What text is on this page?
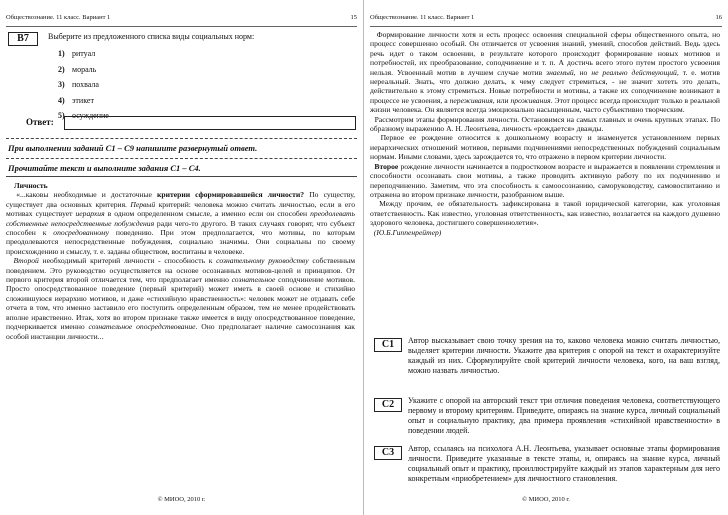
Обществознание. 11 класс. Вариант 1	15
B7	Выберите из предложенного списка виды социальных норм:
1) ритуал
2) мораль
3) похвала
4) этикет
5) осуждение
Ответ:
При выполнении заданий С1 – С9 напишите развернутый ответ.
Прочитайте текст и выполните задания С1 – С4.
Личность
«...каковы необходимые и достаточные критерии сформировавшейся личности? По существу, существует два основных критерия. Первый критерий: человека можно считать личностью, если в его мотивах существует иерархия в одном определенном смысле, а именно если он способен преодолевать собственные непосредственные побуждения ради чего-то другого. В таких случаях говорят, что субъект способен к опосредованному поведению. При этом предполагается, что мотивы, по которым преодолеваются непосредственные побуждения, социально значимы. Они социальны по своему происхождению и смыслу, т. е. заданы обществом, воспитаны в человеке.
Второй необходимый критерий личности - способность к сознательному руководству собственным поведением. Это руководство осуществляется на основе осознанных мотивов-целей и принципов. От первого критерия второй отличается тем, что предполагает именно сознательное соподчинение мотивов. Просто опосредствованное поведение (первый критерий) может иметь в своей основе и стихийно сложившуюся иерархию мотивов, и даже «стихийную нравственность»: человек может не отдавать себе отчета в том, что именно заставило его поступить определенным образом, тем не менее продействовать вполне нравственно. Итак, хотя во втором признаке также имеется в виду опосредствованное поведение, подчеркивается именно сознательное опосредствование. Оно предполагает наличие самосознания как особой инстанции личности...
© МИОО, 2010 г.
Обществознание. 11 класс. Вариант 1	16
Формирование личности хотя и есть процесс освоения специальной сферы общественного опыта, но процесс совершенно особый. Он отличается от усвоения знаний, умений, способов действий. Ведь здесь речь идет о таком освоении, в результате которого происходит формирование новых мотивов и потребностей, их преобразование, соподчинение и т. п. А достичь всего этого путем простого усвоения нельзя. Усвоенный мотив в лучшем случае мотив знаемый, но не реально действующий, т. е. мотив нереальный. Знать, что должно делать, к чему следует стремиться, - не значит хотеть это делать, действительно к этому стремиться. Новые потребности и мотивы, а также их соподчинение возникают в процессе не усвоения, а переживания, или проживания. Этот процесс всегда происходит только в реальной жизни человека. Он является всегда эмоционально насыщенным, часто субъективно творческим.
Рассмотрим этапы формирования личности. Остановимся на самых главных и очень крупных этапах. По образному выражению А. Н. Леонтьева, личность «рождается» дважды.
Первое ее рождение относится к дошкольному возрасту и знаменуется установлением первых иерархических отношений мотивов, первыми подчинениями непосредственных побуждений социальным нормам. Иными словами, здесь зарождается то, что отражено в первом критерии личности.
Второе рождение личности начинается в подростковом возрасте и выражается в появлении стремления и способности осознавать свои мотивы, а также проводить активную работу по их подчинению и переподчинению. Заметим, что эта способность к самоосознанию, саморуководству, самовоспитанию и отражена во втором признаке личности, разобранном выше.
Между прочим, ее обязательность зафиксирована в такой юридической категории, как уголовная ответственность. Как известно, уголовная ответственность, как известно, возлагается на каждого душевно здорового человека, достигшего совершеннолетия».
(Ю.Б.Гиппенрейтер)
C1	Автор высказывает свою точку зрения на то, каково человека можно считать личностью, выделяет критерии личности. Укажите два критерия с опорой на текст и охарактеризуйте каждый из них. Сформулируйте свой критерий личности человека, кого, на ваш взгляд, можно назвать личностью.
C2	Укажите с опорой на авторский текст три отличия поведения человека, соответствующего первому и второму критериям. Приведите, опираясь на знание курса, личный социальный опыт и социальную практику, два примера проявления «стихийной нравственности» в поведении людей.
C3	Автор, ссылаясь на психолога А.Н. Леонтьева, указывает основные этапы формирования личности. Приведите указанные в тексте этапы, и, опираясь на знание курса, личный социальный опыт и практику, проиллюстрируйте каждый из этапов характерным для него конкретным «приобретением» для личностного становления.
© МИОО, 2010 г.
